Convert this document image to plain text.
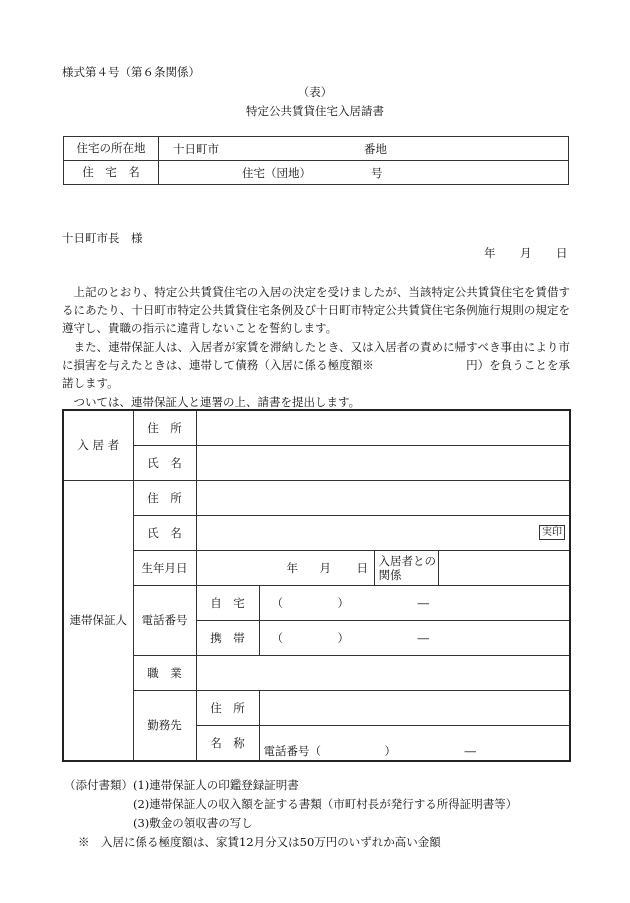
様式第４号（第６条関係）
（表）
特定公共賃貸住宅入居請書
住宅の所在地	十日町市 番地

住　宅　名	住宅（団地） 号
十日町市長　様
年 月 日
　上記のとおり、特定公共賃貸住宅の入居の決定を受けましたが、当該特定公共賃貸住宅を賃借するにあたり、十日町市特定公共賃貸住宅条例及び十日町市特定公共賃貸住宅条例施行規則の規定を遵守し、貴職の指示に違背しないことを誓約します。
　また、連帯保証人は、入居者が家賃を滞納したとき、又は入居者の責めに帰すべき事由により市に損害を与えたときは、連帯して債務（入居に係る極度額※　　　　　　　　円）を負うことを承諾します。
　ついては、連帯保証人と連署の上、請書を提出します。
入 居 者	住　所				
	氏　名				
連帯保証人	住　所				
	氏　名	実印			

	生年月日	年 月 日		入居者との関係	
	電話番号	自　宅	（ ） ―		

		携　帯	（ ） ―		

	職　業				
	勤務先	住　所			
		名　称	電話番号（ ） ―		

（添付書類） (1)連帯保証人の印鑑登録証明書
(2)連帯保証人の収入額を証する書類（市町村長が発行する所得証明書等）
(3)敷金の領収書の写し
※　入居に係る極度額は、家賃12月分又は50万円のいずれか高い金額
